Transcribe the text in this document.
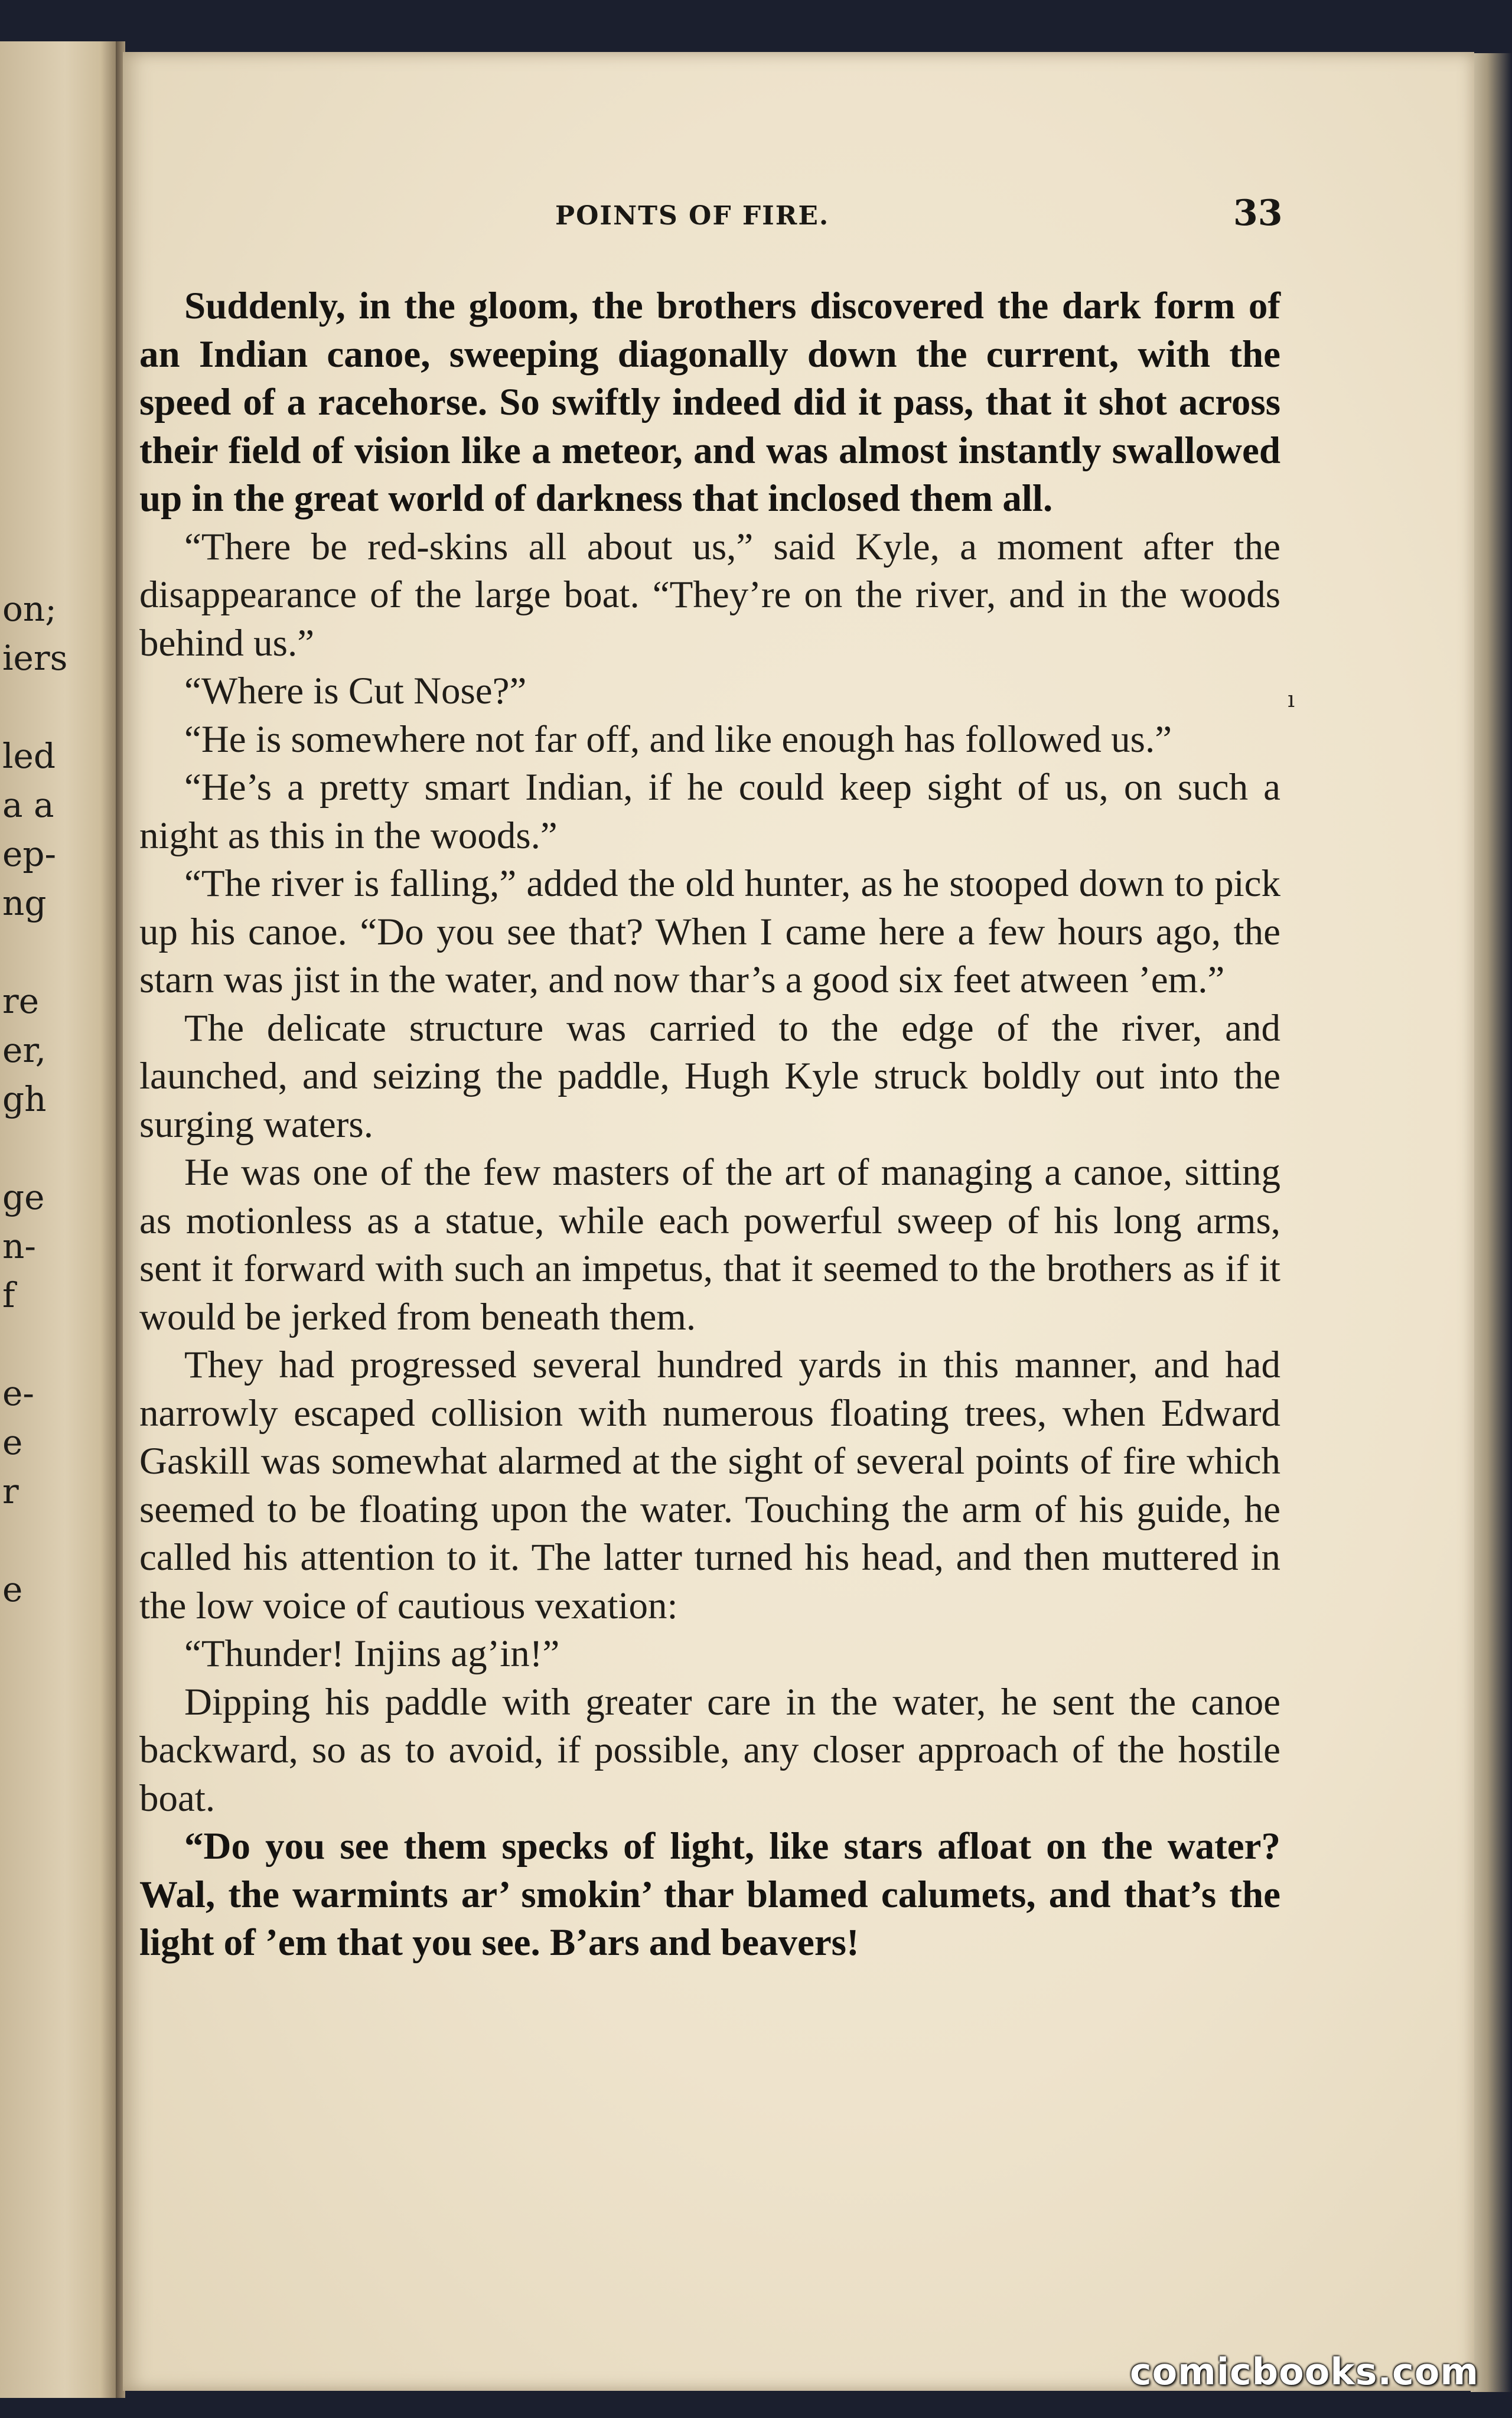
on;
iers
led
a a
ep-
ng
re
er,
gh
ge
n-
f
e-
e
r
e
POINTS OF FIRE.	33

Suddenly, in the gloom, the brothers discovered the dark form of an Indian canoe, sweeping diagonally down the current, with the speed of a racehorse. So swiftly indeed did it pass, that it shot across their field of vision like a meteor, and was almost instantly swallowed up in the great world of darkness that inclosed them all.

“There be red-skins all about us,” said Kyle, a moment after the disappearance of the large boat. “They’re on the river, and in the woods behind us.”

“Where is Cut Nose?”

“He is somewhere not far off, and like enough has followed us.”

“He’s a pretty smart Indian, if he could keep sight of us, on such a night as this in the woods.”

“The river is falling,” added the old hunter, as he stooped down to pick up his canoe. “Do you see that? When I came here a few hours ago, the starn was jist in the water, and now thar’s a good six feet atween ’em.”

The delicate structure was carried to the edge of the river, and launched, and seizing the paddle, Hugh Kyle struck boldly out into the surging waters.

He was one of the few masters of the art of managing a canoe, sitting as motionless as a statue, while each powerful sweep of his long arms, sent it forward with such an impetus, that it seemed to the brothers as if it would be jerked from beneath them.

They had progressed several hundred yards in this manner, and had narrowly escaped collision with numerous floating trees, when Edward Gaskill was somewhat alarmed at the sight of several points of fire which seemed to be floating upon the water. Touching the arm of his guide, he called his attention to it. The latter turned his head, and then muttered in the low voice of cautious vexation:

“Thunder! Injins ag’in!”

Dipping his paddle with greater care in the water, he sent the canoe backward, so as to avoid, if possible, any closer approach of the hostile boat.

“Do you see them specks of light, like stars afloat on the water? Wal, the warmints ar’ smokin’ thar blamed calumets, and that’s the light of ’em that you see. B’ars and beavers!

ı
comicbooks.com
